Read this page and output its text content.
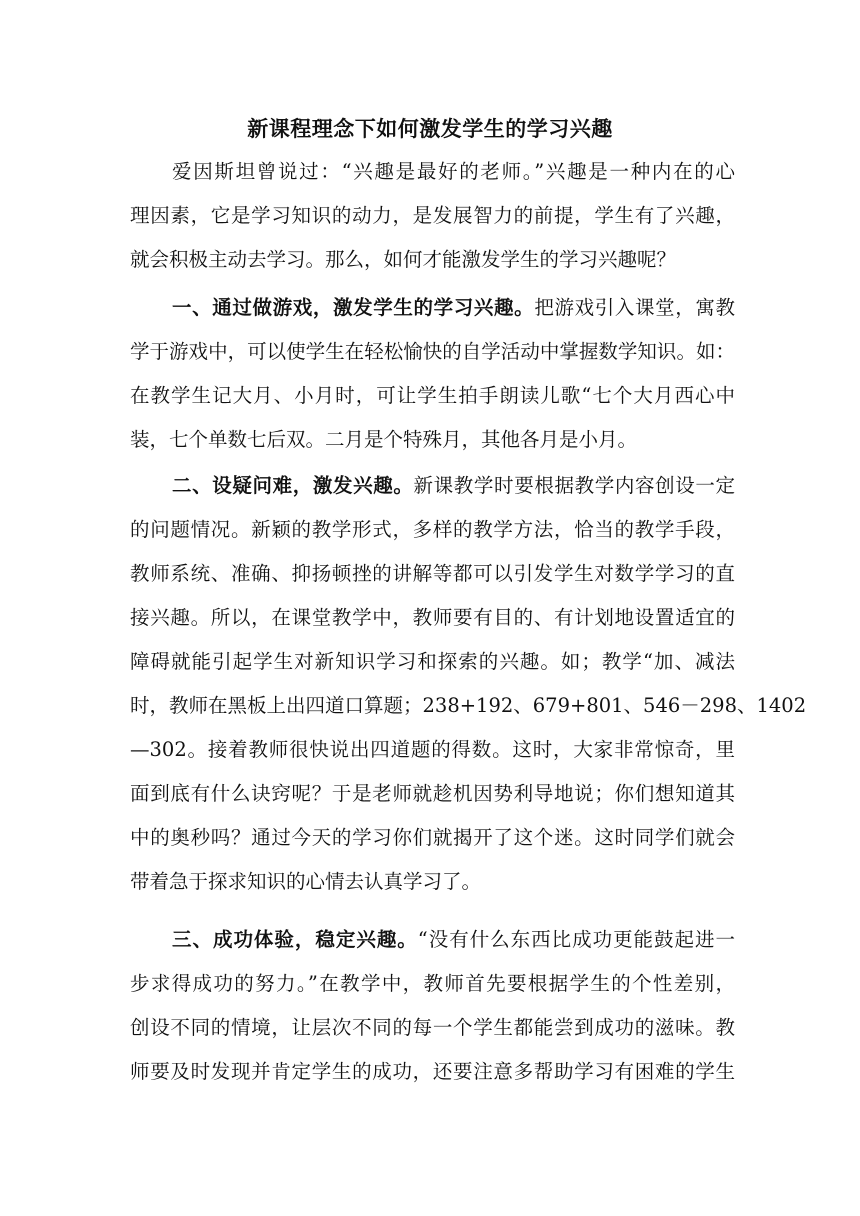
新课程理念下如何激发学生的学习兴趣
爱因斯坦曾说过：“兴趣是最好的老师。”兴趣是一种内在的心
理因素，它是学习知识的动力，是发展智力的前提，学生有了兴趣，
就会积极主动去学习。那么，如何才能激发学生的学习兴趣呢？
一、通过做游戏，激发学生的学习兴趣。把游戏引入课堂，寓教
学于游戏中，可以使学生在轻松愉快的自学活动中掌握数学知识。如：
在教学生记大月、小月时，可让学生拍手朗读儿歌“七个大月西心中
装，七个单数七后双。二月是个特殊月，其他各月是小月。
二、设疑问难，激发兴趣。新课教学时要根据教学内容创设一定
的问题情况。新颖的教学形式，多样的教学方法，恰当的教学手段，
教师系统、准确、抑扬顿挫的讲解等都可以引发学生对数学学习的直
接兴趣。所以，在课堂教学中，教师要有目的、有计划地设置适宜的
障碍就能引起学生对新知识学习和探索的兴趣。如；教学“加、减法
时，教师在黑板上出四道口算题；238+192、679+801、546－298、1402
—302。接着教师很快说出四道题的得数。这时，大家非常惊奇，里
面到底有什么诀窍呢？于是老师就趁机因势利导地说；你们想知道其
中的奥秒吗？通过今天的学习你们就揭开了这个迷。这时同学们就会
带着急于探求知识的心情去认真学习了。
三、成功体验，稳定兴趣。“没有什么东西比成功更能鼓起进一
步求得成功的努力。”在教学中，教师首先要根据学生的个性差别，
创设不同的情境，让层次不同的每一个学生都能尝到成功的滋味。教
师要及时发现并肯定学生的成功，还要注意多帮助学习有困难的学生
